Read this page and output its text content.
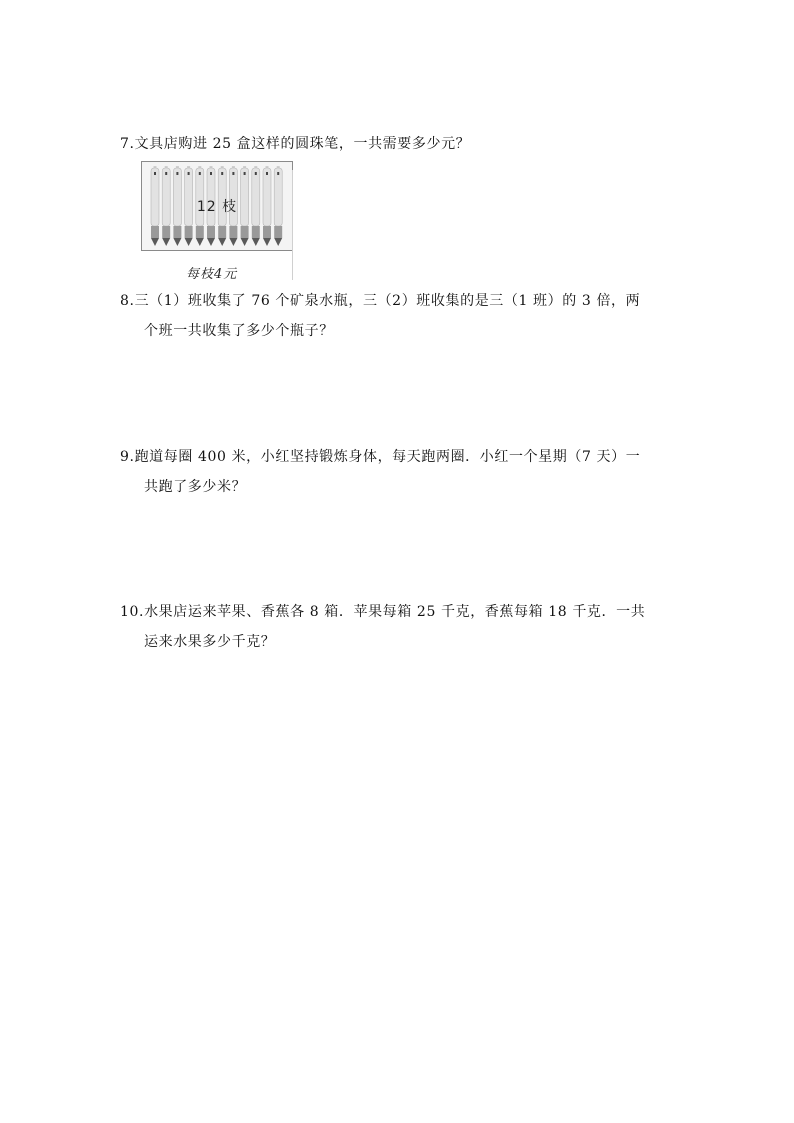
7.文具店购进 25 盒这样的圆珠笔，一共需要多少元？
12 枝
每枝4元
8.三（1）班收集了 76 个矿泉水瓶，三（2）班收集的是三（1 班）的 3 倍，两
个班一共收集了多少个瓶子？
9.跑道每圈 400 米，小红坚持锻炼身体，每天跑两圈．小红一个星期（7 天）一
共跑了多少米？
10.水果店运来苹果、香蕉各 8 箱．苹果每箱 25 千克，香蕉每箱 18 千克．一共
运来水果多少千克？
